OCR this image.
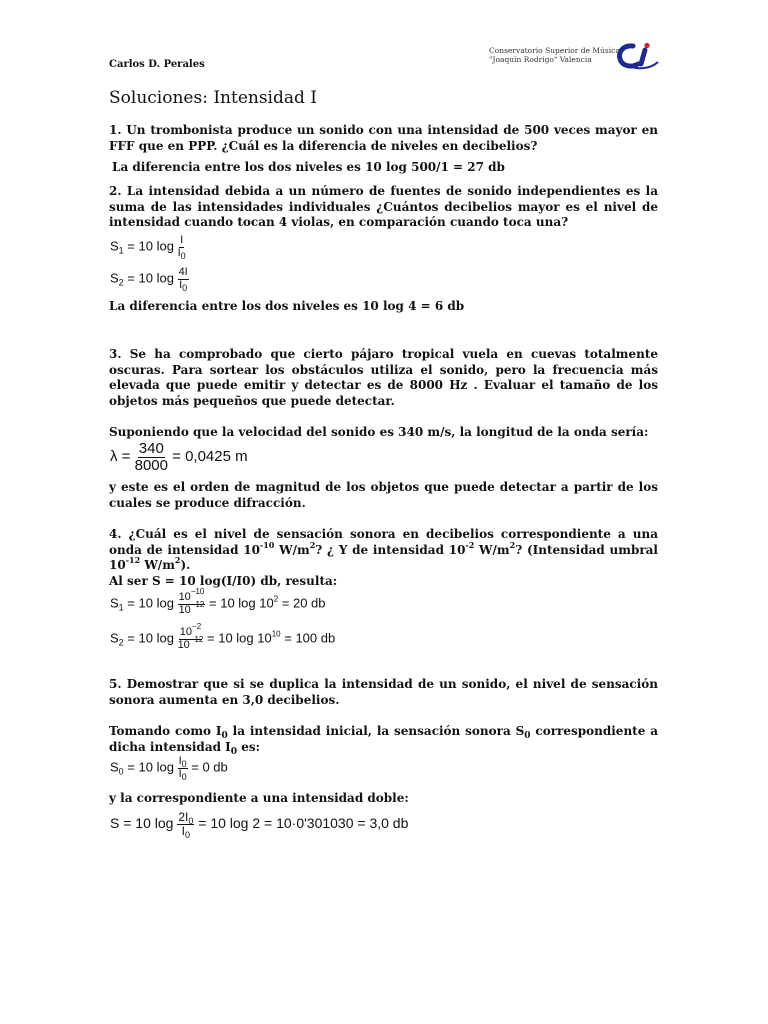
Carlos D. Perales
Conservatorio Superior de Música
"Joaquín Rodrigo" Valencia
Soluciones: Intensidad I
1. Un trombonista produce un sonido con una intensidad de 500 veces mayor en FFF que en PPP. ¿Cuál es la diferencia de niveles en decibelios?
La diferencia entre los dos niveles es 10 log 500/1 = 27 db
2. La intensidad debida a un número de fuentes de sonido independientes es la suma de las intensidades individuales ¿Cuántos decibelios mayor es el nivel de intensidad cuando tocan 4 violas, en comparación cuando toca una?
$S_1 = 10$ $\log \frac{I}{I_0}$
$S_2 = 10$ $\log \frac{4I}{I_0}$
La diferencia entre los dos niveles es 10 log 4 = 6 db
3. Se ha comprobado que cierto pájaro tropical vuela en cuevas totalmente oscuras. Para sortear los obstáculos utiliza el sonido, pero la frecuencia más elevada que puede emitir y detectar es de 8000 Hz . Evaluar el tamaño de los objetos más pequeños que puede detectar.
Suponiendo que la velocidad del sonido es 340 m/s, la longitud de la onda sería:
$\lambda = \frac{340}{8000} = 0,0425$ m
y este es el orden de magnitud de los objetos que puede detectar a partir de los cuales se produce difracción.
4. ¿Cuál es el nivel de sensación sonora en decibelios correspondiente a una onda de intensidad $10^{-10}$ $W/m^2$? ¿ Y de intensidad $10^{-2}$ $W/m^2$? (Intensidad umbral $10^{-12}$ $W/m^2$).
Al ser S = 10 log(I/I0) db, resulta:
$S_1 = 10$ $\log \frac{10^{-10}}{10^{-12}} = 10$ $\log 10^2 = 20$ db
$S_2 = 10$ $\log \frac{10^{-2}}{10^{-12}} = 10$ $\log 10^{10} = 100$ db
5. Demostrar que si se duplica la intensidad de un sonido, el nivel de sensación sonora aumenta en 3,0 decibelios.
Tomando como $I_0$ la intensidad inicial, la sensación sonora $S_0$ correspondiente a dicha intensidad $I_0$ es:
$S_0 = 10$ $\log \frac{I_0}{I_0} = 0$ db
y la correspondiente a una intensidad doble:
S = 10 $\log \frac{2I_0}{I_0} = 10$ log 2 = 10·0'301030 = 3,0 db
